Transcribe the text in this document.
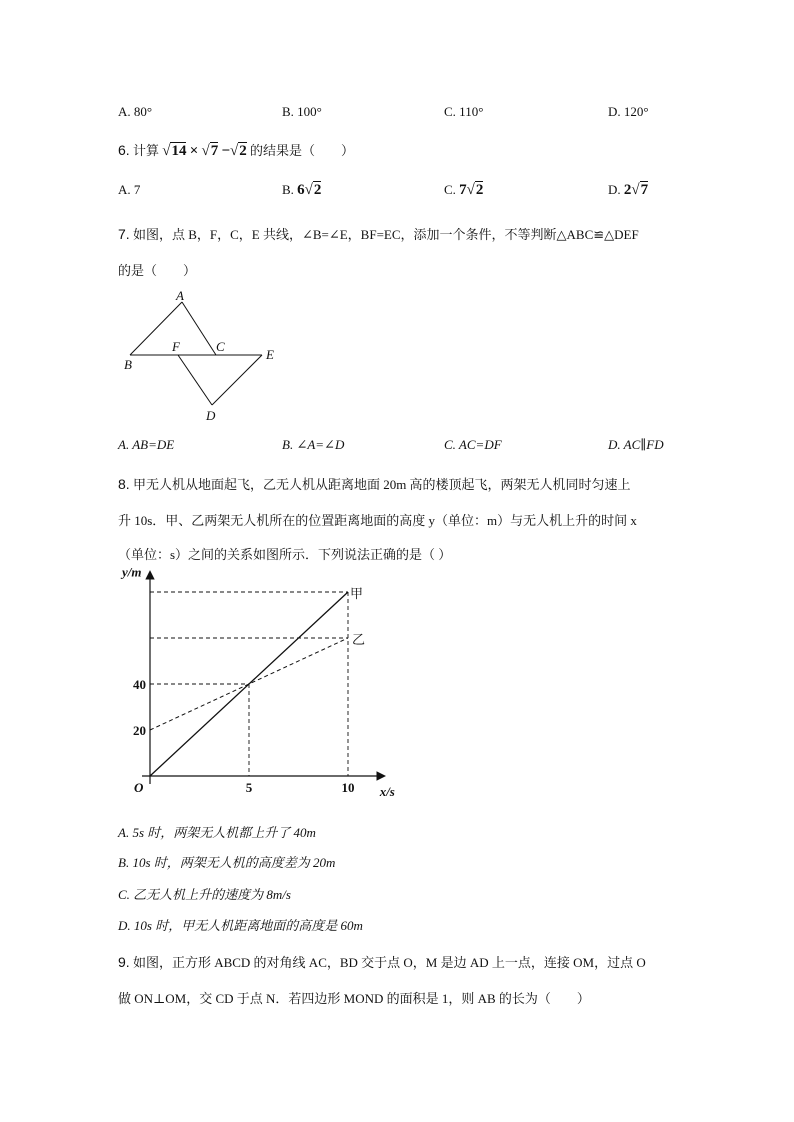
A. 80°	B. 100°	C. 110°	D. 120°
6. 计算 √14 × √7 −√2 的结果是（　　）
A. 7	B. 6√2	C. 7√2	D. 2√7
7. 如图，点 B，F，C，E 共线，∠B=∠E，BF=EC，添加一个条件，不等判断△ABC≌△DEF
的是（　　）
A
B
F	C
E
D
A. AB=DE	B. ∠A=∠D	C. AC=DF	D. AC∥FD
8. 甲无人机从地面起飞，乙无人机从距离地面 20m 高的楼顶起飞，两架无人机同时匀速上
升 10s．甲、乙两架无人机所在的位置距离地面的高度 y（单位：m）与无人机上升的时间 x
（单位：s）之间的关系如图所示．下列说法正确的是（ ）
y/m
x/s
O	5	10
20
40
甲
乙
A. 5s 时，两架无人机都上升了 40m
B. 10s 时，两架无人机的高度差为 20m
C. 乙无人机上升的速度为 8m/s
D. 10s 时，甲无人机距离地面的高度是 60m
9. 如图，正方形 ABCD 的对角线 AC，BD 交于点 O，M 是边 AD 上一点，连接 OM，过点 O
做 ON⊥OM，交 CD 于点 N．若四边形 MOND 的面积是 1，则 AB 的长为（　　）
